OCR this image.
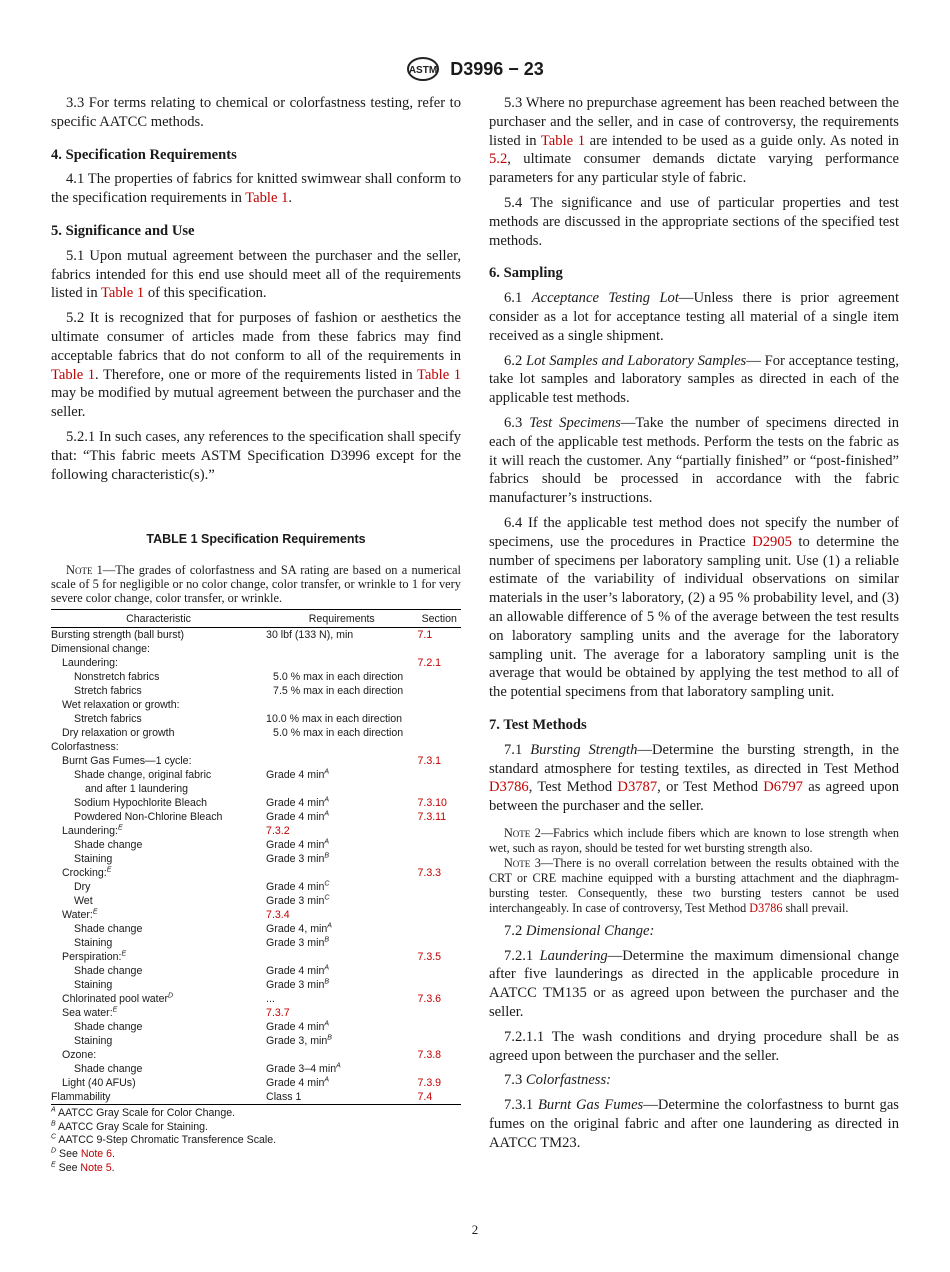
ASTM D3996 − 23

3.3 For terms relating to chemical or colorfastness testing, refer to specific AATCC methods.

4. Specification Requirements

4.1 The properties of fabrics for knitted swimwear shall conform to the specification requirements in Table 1.

5. Significance and Use

5.1 Upon mutual agreement between the purchaser and the seller, fabrics intended for this end use should meet all of the requirements listed in Table 1 of this specification.

5.2 It is recognized that for purposes of fashion or aesthetics the ultimate consumer of articles made from these fabrics may find acceptable fabrics that do not conform to all of the requirements in Table 1. Therefore, one or more of the requirements listed in Table 1 may be modified by mutual agreement between the purchaser and the seller.

5.2.1 In such cases, any references to the specification shall specify that: “This fabric meets ASTM Specification D3996 except for the following characteristic(s).”

TABLE 1 Specification Requirements

Note 1—The grades of colorfastness and SA rating are based on a numerical scale of 5 for negligible or no color change, color transfer, or wrinkle to 1 for very severe color change, color transfer, or wrinkle.

Characteristic	Requirements	Section
Bursting strength (ball burst)	30 lbf (133 N), min	7.1
Dimensional change:		
Laundering:		7.2.1
Nonstretch fabrics	5.0 % max in each direction	
Stretch fabrics	7.5 % max in each direction	
Wet relaxation or growth:		
Stretch fabrics	10.0 % max in each direction	
Dry relaxation or growth	5.0 % max in each direction	
Colorfastness:		
Burnt Gas Fumes—1 cycle:		7.3.1
Shade change, original fabric	Grade 4 $\min^A$	
and after 1 laundering		
Sodium Hypochlorite Bleach	Grade 4 $\min^A$	7.3.10
Powdered Non-Chlorine Bleach	Grade 4 $\min^A$	7.3.11
Laundering:$^E$	7.3.2	
Shade change	Grade 4 $\min^A$	
Staining	Grade 3 $\min^B$	
Crocking:$^E$		7.3.3
Dry	Grade 4 $\min^C$	
Wet	Grade 3 $\min^C$	
Water:$^E$	7.3.4	
Shade change	Grade 4, $\min^A$	
Staining	Grade 3 $\min^B$	
Perspiration:$^E$		7.3.5
Shade change	Grade 4 $\min^A$	
Staining	Grade 3 $\min^B$	
Chlorinated pool water$^D$	...	7.3.6
Sea water:$^E$	7.3.7	
Shade change	Grade 4 $\min^A$	
Staining	Grade 3, $\min^B$	
Ozone:		7.3.8
Shade change	Grade 3–4 $\min^A$	
Light (40 AFUs)	Grade 4 $\min^A$	7.3.9
Flammability	Class 1	7.4
$^A$ AATCC Gray Scale for Color Change.
$^B$ AATCC Gray Scale for Staining.
$^C$ AATCC 9-Step Chromatic Transference Scale.
$^D$ See Note 6.
$^E$ See Note 5.

5.3 Where no prepurchase agreement has been reached between the purchaser and the seller, and in case of controversy, the requirements listed in Table 1 are intended to be used as a guide only. As noted in 5.2, ultimate consumer demands dictate varying performance parameters for any particular style of fabric.

5.4 The significance and use of particular properties and test methods are discussed in the appropriate sections of the specified test methods.

6. Sampling

6.1 Acceptance Testing Lot—Unless there is prior agreement consider as a lot for acceptance testing all material of a single item received as a single shipment.

6.2 Lot Samples and Laboratory Samples— For acceptance testing, take lot samples and laboratory samples as directed in each of the applicable test methods.

6.3 Test Specimens—Take the number of specimens directed in each of the applicable test methods. Perform the tests on the fabric as it will reach the customer. Any “partially finished” or “post-finished” fabrics should be processed in accordance with the fabric manufacturer’s instructions.

6.4 If the applicable test method does not specify the number of specimens, use the procedures in Practice D2905 to determine the number of specimens per laboratory sampling unit. Use (1) a reliable estimate of the variability of individual observations on similar materials in the user’s laboratory, (2) a 95 % probability level, and (3) an allowable difference of 5 % of the average between the test results on laboratory sampling units and the average for the laboratory sampling unit. The average for a laboratory sampling unit is the average that would be obtained by applying the test method to all of the potential specimens from that laboratory sampling unit.

7. Test Methods

7.1 Bursting Strength—Determine the bursting strength, in the standard atmosphere for testing textiles, as directed in Test Method D3786, Test Method D3787, or Test Method D6797 as agreed upon between the purchaser and the seller.

Note 2—Fabrics which include fibers which are known to lose strength when wet, such as rayon, should be tested for wet bursting strength also.

Note 3—There is no overall correlation between the results obtained with the CRT or CRE machine equipped with a bursting attachment and the diaphragm-bursting tester. Consequently, these two bursting testers cannot be used interchangeably. In case of controversy, Test Method D3786 shall prevail.

7.2 Dimensional Change:

7.2.1 Laundering—Determine the maximum dimensional change after five launderings as directed in the applicable procedure in AATCC TM135 or as agreed upon between the purchaser and the seller.

7.2.1.1 The wash conditions and drying procedure shall be as agreed upon between the purchaser and the seller.

7.3 Colorfastness:

7.3.1 Burnt Gas Fumes—Determine the colorfastness to burnt gas fumes on the original fabric and after one laundering as directed in AATCC TM23.

2
